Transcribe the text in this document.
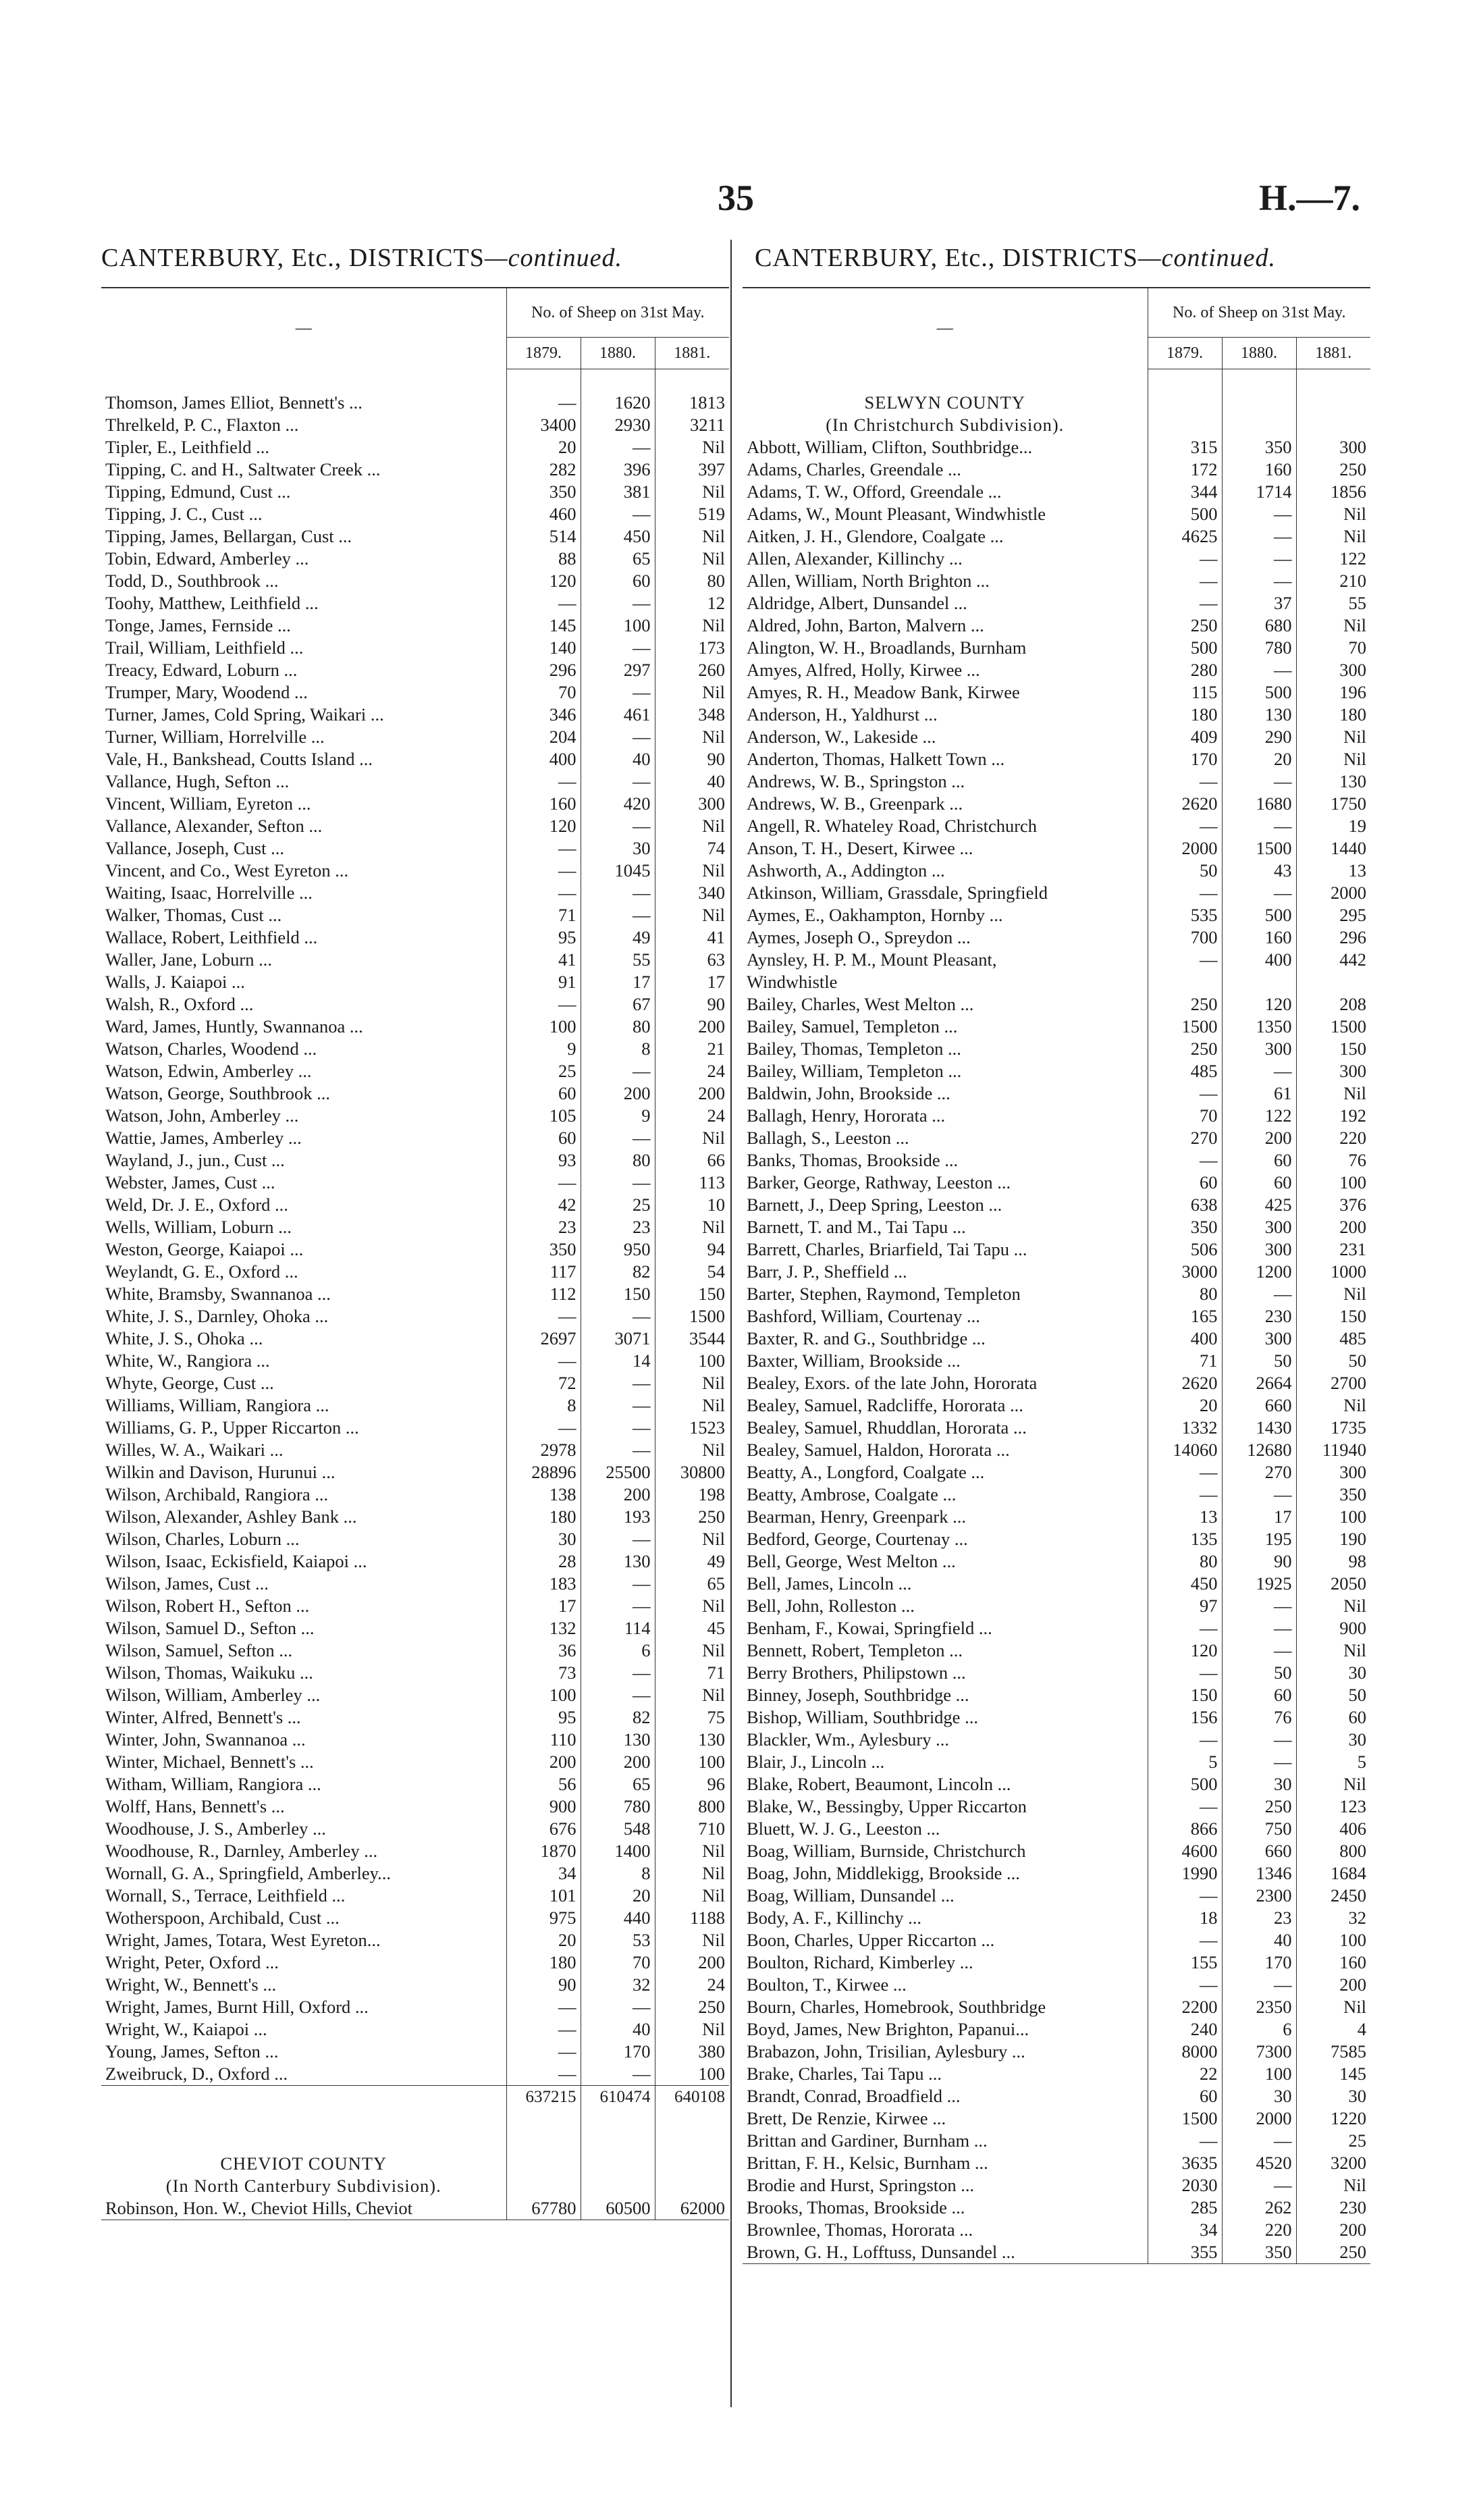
35	H.—7.
CANTERBURY, Etc., DISTRICTS—continued.	CANTERBURY, Etc., DISTRICTS—continued.
—	No. of Sheep on 31st May.		
	1879.	1880.	1881.

Thomson, James Elliot, Bennett's ...	—	1620	1813
Threlkeld, P. C., Flaxton ...	3400	2930	3211
Tipler, E., Leithfield ...	20	—	Nil
Tipping, C. and H., Saltwater Creek ...	282	396	397
Tipping, Edmund, Cust ...	350	381	Nil
Tipping, J. C., Cust ...	460	—	519
Tipping, James, Bellargan, Cust ...	514	450	Nil
Tobin, Edward, Amberley ...	88	65	Nil
Todd, D., Southbrook ...	120	60	80
Toohy, Matthew, Leithfield ...	—	—	12
Tonge, James, Fernside ...	145	100	Nil
Trail, William, Leithfield ...	140	—	173
Treacy, Edward, Loburn ...	296	297	260
Trumper, Mary, Woodend ...	70	—	Nil
Turner, James, Cold Spring, Waikari ...	346	461	348
Turner, William, Horrelville ...	204	—	Nil
Vale, H., Bankshead, Coutts Island ...	400	40	90
Vallance, Hugh, Sefton ...	—	—	40
Vincent, William, Eyreton ...	160	420	300
Vallance, Alexander, Sefton ...	120	—	Nil
Vallance, Joseph, Cust ...	—	30	74
Vincent, and Co., West Eyreton ...	—	1045	Nil
Waiting, Isaac, Horrelville ...	—	—	340
Walker, Thomas, Cust ...	71	—	Nil
Wallace, Robert, Leithfield ...	95	49	41
Waller, Jane, Loburn ...	41	55	63
Walls, J. Kaiapoi ...	91	17	17
Walsh, R., Oxford ...	—	67	90
Ward, James, Huntly, Swannanoa ...	100	80	200
Watson, Charles, Woodend ...	9	8	21
Watson, Edwin, Amberley ...	25	—	24
Watson, George, Southbrook ...	60	200	200
Watson, John, Amberley ...	105	9	24
Wattie, James, Amberley ...	60	—	Nil
Wayland, J., jun., Cust ...	93	80	66
Webster, James, Cust ...	—	—	113
Weld, Dr. J. E., Oxford ...	42	25	10
Wells, William, Loburn ...	23	23	Nil
Weston, George, Kaiapoi ...	350	950	94
Weylandt, G. E., Oxford ...	117	82	54
White, Bramsby, Swannanoa ...	112	150	150
White, J. S., Darnley, Ohoka ...	—	—	1500
White, J. S., Ohoka ...	2697	3071	3544
White, W., Rangiora ...	—	14	100
Whyte, George, Cust ...	72	—	Nil
Williams, William, Rangiora ...	8	—	Nil
Williams, G. P., Upper Riccarton ...	—	—	1523
Willes, W. A., Waikari ...	2978	—	Nil
Wilkin and Davison, Hurunui ...	28896	25500	30800
Wilson, Archibald, Rangiora ...	138	200	198
Wilson, Alexander, Ashley Bank ...	180	193	250
Wilson, Charles, Loburn ...	30	—	Nil
Wilson, Isaac, Eckisfield, Kaiapoi ...	28	130	49
Wilson, James, Cust ...	183	—	65
Wilson, Robert H., Sefton ...	17	—	Nil
Wilson, Samuel D., Sefton ...	132	114	45
Wilson, Samuel, Sefton ...	36	6	Nil
Wilson, Thomas, Waikuku ...	73	—	71
Wilson, William, Amberley ...	100	—	Nil
Winter, Alfred, Bennett's ...	95	82	75
Winter, John, Swannanoa ...	110	130	130
Winter, Michael, Bennett's ...	200	200	100
Witham, William, Rangiora ...	56	65	96
Wolff, Hans, Bennett's ...	900	780	800
Woodhouse, J. S., Amberley ...	676	548	710
Woodhouse, R., Darnley, Amberley ...	1870	1400	Nil
Wornall, G. A., Springfield, Amberley...	34	8	Nil
Wornall, S., Terrace, Leithfield ...	101	20	Nil
Wotherspoon, Archibald, Cust ...	975	440	1188
Wright, James, Totara, West Eyreton...	20	53	Nil
Wright, Peter, Oxford ...	180	70	200
Wright, W., Bennett's ...	90	32	24
Wright, James, Burnt Hill, Oxford ...	—	—	250
Wright, W., Kaiapoi ...	—	40	Nil
Young, James, Sefton ...	—	170	380
Zweibruck, D., Oxford ...	—	—	100
	637215	610474	640108

CHEVIOT COUNTY			
(In North Canterbury Subdivision).			
Robinson, Hon. W., Cheviot Hills, Cheviot	67780	60500	62000
—	No. of Sheep on 31st May.		
	1879.	1880.	1881.

SELWYN COUNTY			
(In Christchurch Subdivision).			
Abbott, William, Clifton, Southbridge...	315	350	300
Adams, Charles, Greendale ...	172	160	250
Adams, T. W., Offord, Greendale ...	344	1714	1856
Adams, W., Mount Pleasant, Windwhistle	500	—	Nil
Aitken, J. H., Glendore, Coalgate ...	4625	—	Nil
Allen, Alexander, Killinchy ...	—	—	122
Allen, William, North Brighton ...	—	—	210
Aldridge, Albert, Dunsandel ...	—	37	55
Aldred, John, Barton, Malvern ...	250	680	Nil
Alington, W. H., Broadlands, Burnham	500	780	70
Amyes, Alfred, Holly, Kirwee ...	280	—	300
Amyes, R. H., Meadow Bank, Kirwee	115	500	196
Anderson, H., Yaldhurst ...	180	130	180
Anderson, W., Lakeside ...	409	290	Nil
Anderton, Thomas, Halkett Town ...	170	20	Nil
Andrews, W. B., Springston ...	—	—	130
Andrews, W. B., Greenpark ...	2620	1680	1750
Angell, R. Whateley Road, Christchurch	—	—	19
Anson, T. H., Desert, Kirwee ...	2000	1500	1440
Ashworth, A., Addington ...	50	43	13
Atkinson, William, Grassdale, Springfield	—	—	2000
Aymes, E., Oakhampton, Hornby ...	535	500	295
Aymes, Joseph O., Spreydon ...	700	160	296
Aynsley, H. P. M., Mount Pleasant,	—	400	442
Windwhistle			
Bailey, Charles, West Melton ...	250	120	208
Bailey, Samuel, Templeton ...	1500	1350	1500
Bailey, Thomas, Templeton ...	250	300	150
Bailey, William, Templeton ...	485	—	300
Baldwin, John, Brookside ...	—	61	Nil
Ballagh, Henry, Hororata ...	70	122	192
Ballagh, S., Leeston ...	270	200	220
Banks, Thomas, Brookside ...	—	60	76
Barker, George, Rathway, Leeston ...	60	60	100
Barnett, J., Deep Spring, Leeston ...	638	425	376
Barnett, T. and M., Tai Tapu ...	350	300	200
Barrett, Charles, Briarfield, Tai Tapu ...	506	300	231
Barr, J. P., Sheffield ...	3000	1200	1000
Barter, Stephen, Raymond, Templeton	80	—	Nil
Bashford, William, Courtenay ...	165	230	150
Baxter, R. and G., Southbridge ...	400	300	485
Baxter, William, Brookside ...	71	50	50
Bealey, Exors. of the late John, Hororata	2620	2664	2700
Bealey, Samuel, Radcliffe, Hororata ...	20	660	Nil
Bealey, Samuel, Rhuddlan, Hororata ...	1332	1430	1735
Bealey, Samuel, Haldon, Hororata ...	14060	12680	11940
Beatty, A., Longford, Coalgate ...	—	270	300
Beatty, Ambrose, Coalgate ...	—	—	350
Bearman, Henry, Greenpark ...	13	17	100
Bedford, George, Courtenay ...	135	195	190
Bell, George, West Melton ...	80	90	98
Bell, James, Lincoln ...	450	1925	2050
Bell, John, Rolleston ...	97	—	Nil
Benham, F., Kowai, Springfield ...	—	—	900
Bennett, Robert, Templeton ...	120	—	Nil
Berry Brothers, Philipstown ...	—	50	30
Binney, Joseph, Southbridge ...	150	60	50
Bishop, William, Southbridge ...	156	76	60
Blackler, Wm., Aylesbury ...	—	—	30
Blair, J., Lincoln ...	5	—	5
Blake, Robert, Beaumont, Lincoln ...	500	30	Nil
Blake, W., Bessingby, Upper Riccarton	—	250	123
Bluett, W. J. G., Leeston ...	866	750	406
Boag, William, Burnside, Christchurch	4600	660	800
Boag, John, Middlekigg, Brookside ...	1990	1346	1684
Boag, William, Dunsandel ...	—	2300	2450
Body, A. F., Killinchy ...	18	23	32
Boon, Charles, Upper Riccarton ...	—	40	100
Boulton, Richard, Kimberley ...	155	170	160
Boulton, T., Kirwee ...	—	—	200
Bourn, Charles, Homebrook, Southbridge	2200	2350	Nil
Boyd, James, New Brighton, Papanui...	240	6	4
Brabazon, John, Trisilian, Aylesbury ...	8000	7300	7585
Brake, Charles, Tai Tapu ...	22	100	145
Brandt, Conrad, Broadfield ...	60	30	30
Brett, De Renzie, Kirwee ...	1500	2000	1220
Brittan and Gardiner, Burnham ...	—	—	25
Brittan, F. H., Kelsic, Burnham ...	3635	4520	3200
Brodie and Hurst, Springston ...	2030	—	Nil
Brooks, Thomas, Brookside ...	285	262	230
Brownlee, Thomas, Hororata ...	34	220	200
Brown, G. H., Lofftuss, Dunsandel ...	355	350	250
